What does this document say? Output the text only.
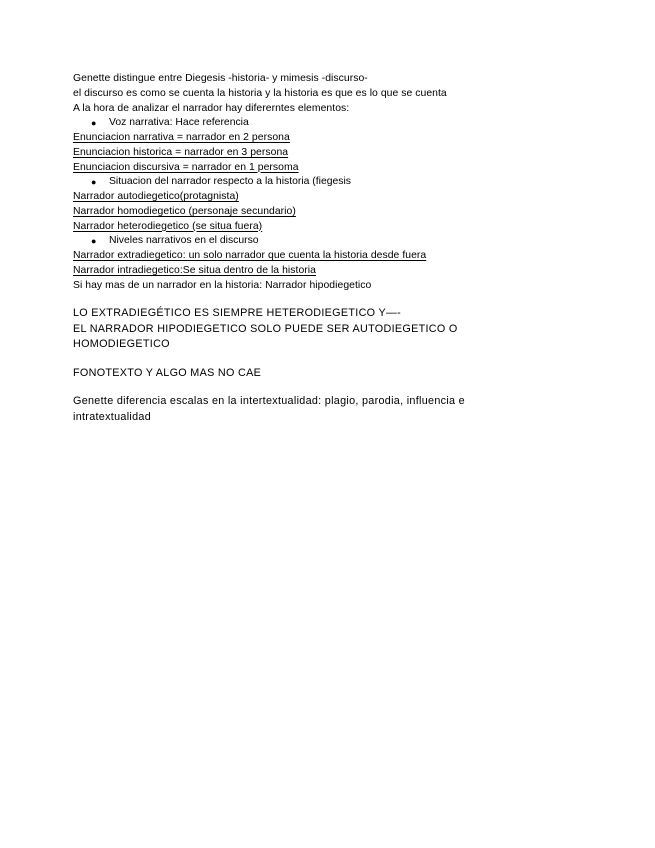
Genette distingue entre Diegesis -historia- y mimesis -discurso-
el discurso es como se cuenta la historia y la historia es que es lo que se cuenta
A la hora de analizar el narrador hay difererntes elementos:
● Voz narrativa: Hace referencia
Enunciacion narrativa = narrador en 2 persona
Enunciacion historica = narrador en 3 persona
Enunciacion discursiva = narrador en 1 persoma
● Situacion del narrador respecto a la historia (fiegesis
Narrador autodiegetico(protagnista)
Narrador homodiegetico (personaje secundario)
Narrador heterodiegetico (se situa fuera)
● Niveles narrativos en el discurso
Narrador extradiegetico: un solo narrador que cuenta la historia desde fuera
Narrador intradiegetico:Se situa dentro de la historia
Si hay mas de un narrador en la historia: Narrador hipodiegetico
LO EXTRADIEGÉTICO ES SIEMPRE HETERODIEGETICO Y—-
EL NARRADOR HIPODIEGETICO SOLO PUEDE SER AUTODIEGETICO O
HOMODIEGETICO
FONOTEXTO Y ALGO MAS NO CAE
Genette diferencia escalas en la intertextualidad: plagio, parodia, influencia e
intratextualidad
